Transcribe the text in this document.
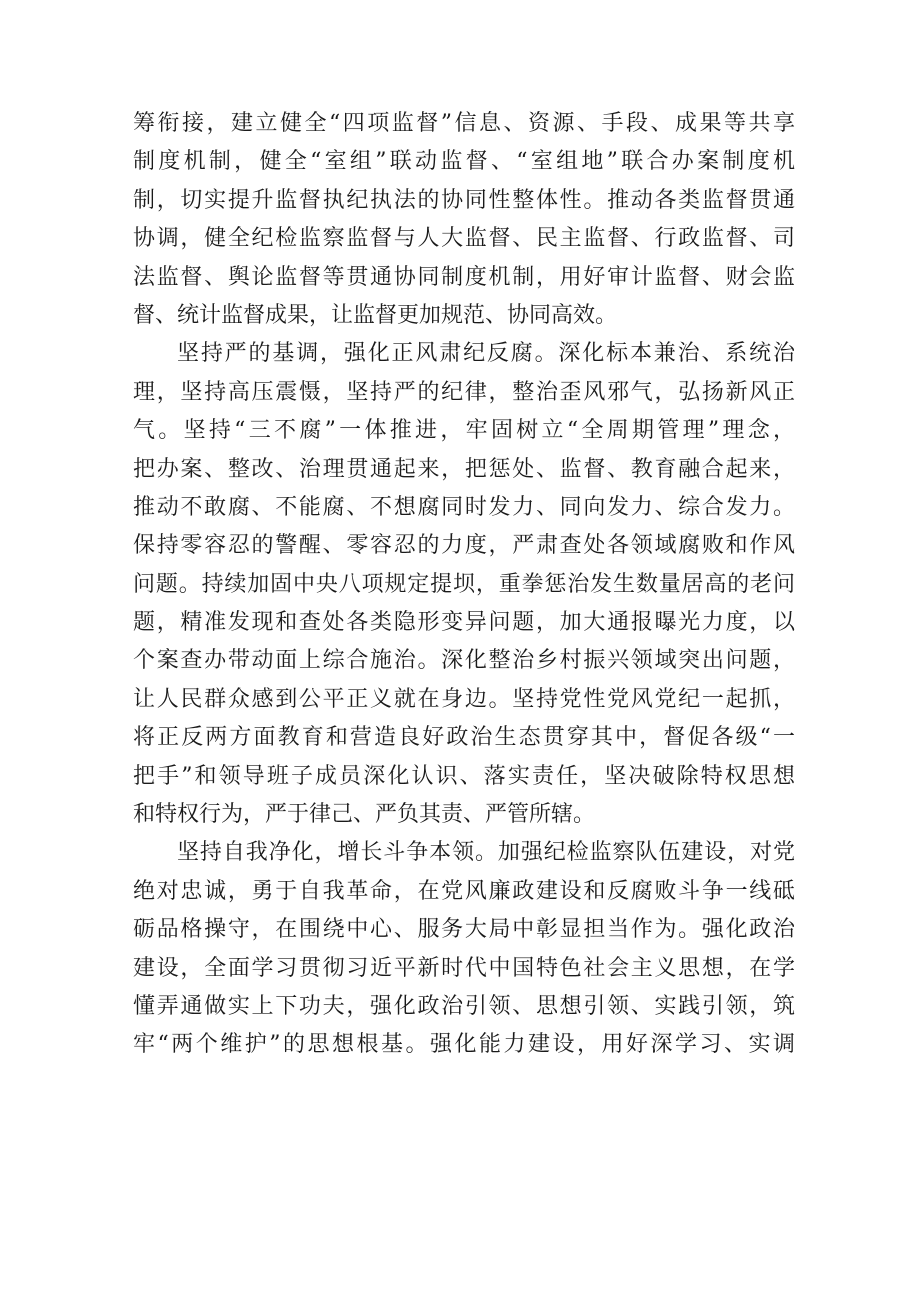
筹衔接，建立健全“四项监督”信息、资源、手段、成果等共享
制度机制，健全“室组”联动监督、“室组地”联合办案制度机
制，切实提升监督执纪执法的协同性整体性。推动各类监督贯通
协调，健全纪检监察监督与人大监督、民主监督、行政监督、司
法监督、舆论监督等贯通协同制度机制，用好审计监督、财会监
督、统计监督成果，让监督更加规范、协同高效。
坚持严的基调，强化正风肃纪反腐。深化标本兼治、系统治
理，坚持高压震慑，坚持严的纪律，整治歪风邪气，弘扬新风正
气。坚持“三不腐”一体推进，牢固树立“全周期管理”理念，
把办案、整改、治理贯通起来，把惩处、监督、教育融合起来，
推动不敢腐、不能腐、不想腐同时发力、同向发力、综合发力。
保持零容忍的警醒、零容忍的力度，严肃查处各领域腐败和作风
问题。持续加固中央八项规定提坝，重拳惩治发生数量居高的老问
题，精准发现和查处各类隐形变异问题，加大通报曝光力度，以
个案查办带动面上综合施治。深化整治乡村振兴领域突出问题，
让人民群众感到公平正义就在身边。坚持党性党风党纪一起抓，
将正反两方面教育和营造良好政治生态贯穿其中，督促各级“一
把手”和领导班子成员深化认识、落实责任，坚决破除特权思想
和特权行为，严于律己、严负其责、严管所辖。
坚持自我净化，增长斗争本领。加强纪检监察队伍建设，对党
绝对忠诚，勇于自我革命，在党风廉政建设和反腐败斗争一线砥
砺品格操守，在围绕中心、服务大局中彰显担当作为。强化政治
建设，全面学习贯彻习近平新时代中国特色社会主义思想，在学
懂弄通做实上下功夫，强化政治引领、思想引领、实践引领，筑
牢“两个维护”的思想根基。强化能力建设，用好深学习、实调
